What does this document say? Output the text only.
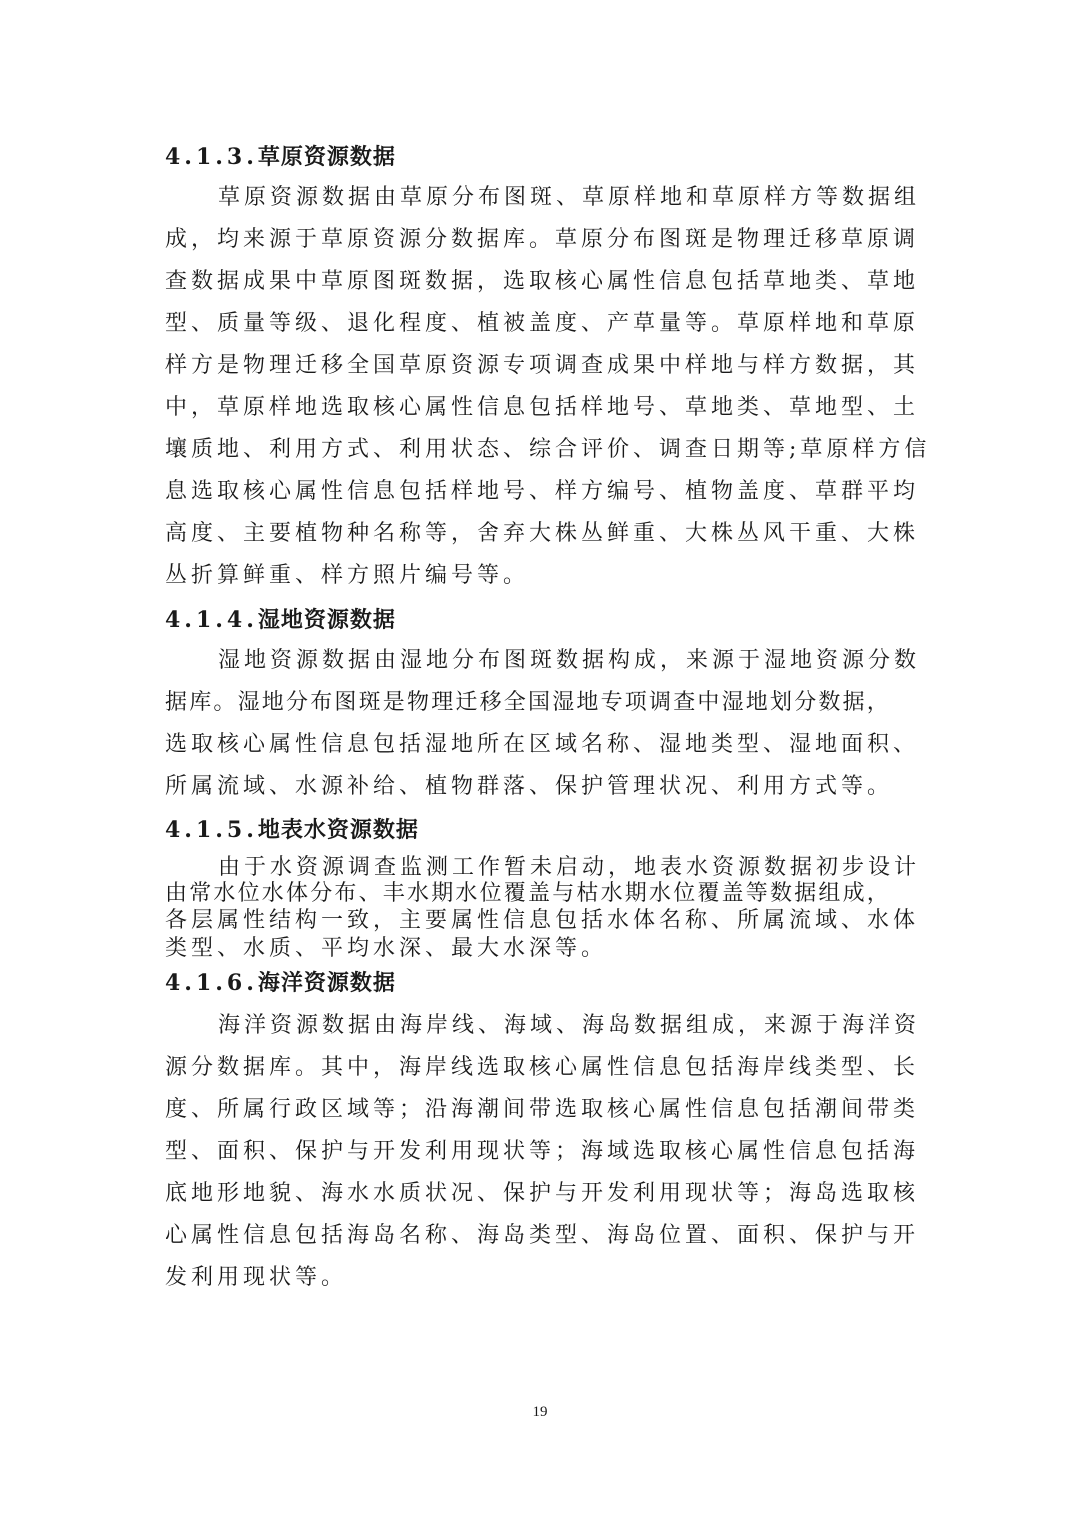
4.1.3.草原资源数据
草原资源数据由草原分布图斑、草原样地和草原样方等数据组
成，均来源于草原资源分数据库。草原分布图斑是物理迁移草原调
查数据成果中草原图斑数据，选取核心属性信息包括草地类、草地
型、质量等级、退化程度、植被盖度、产草量等。草原样地和草原
样方是物理迁移全国草原资源专项调查成果中样地与样方数据，其
中，草原样地选取核心属性信息包括样地号、草地类、草地型、土
壤质地、利用方式、利用状态、综合评价、调查日期等;草原样方信
息选取核心属性信息包括样地号、样方编号、植物盖度、草群平均
高度、主要植物种名称等，舍弃大株丛鲜重、大株丛风干重、大株
丛折算鲜重、样方照片编号等。
4.1.4.湿地资源数据
湿地资源数据由湿地分布图斑数据构成，来源于湿地资源分数
据库。湿地分布图斑是物理迁移全国湿地专项调查中湿地划分数据，
选取核心属性信息包括湿地所在区域名称、湿地类型、湿地面积、
所属流域、水源补给、植物群落、保护管理状况、利用方式等。
4.1.5.地表水资源数据
由于水资源调查监测工作暂未启动，地表水资源数据初步设计
由常水位水体分布、丰水期水位覆盖与枯水期水位覆盖等数据组成，
各层属性结构一致，主要属性信息包括水体名称、所属流域、水体
类型、水质、平均水深、最大水深等。
4.1.6.海洋资源数据
海洋资源数据由海岸线、海域、海岛数据组成，来源于海洋资
源分数据库。其中，海岸线选取核心属性信息包括海岸线类型、长
度、所属行政区域等；沿海潮间带选取核心属性信息包括潮间带类
型、面积、保护与开发利用现状等；海域选取核心属性信息包括海
底地形地貌、海水水质状况、保护与开发利用现状等；海岛选取核
心属性信息包括海岛名称、海岛类型、海岛位置、面积、保护与开
发利用现状等。
19
